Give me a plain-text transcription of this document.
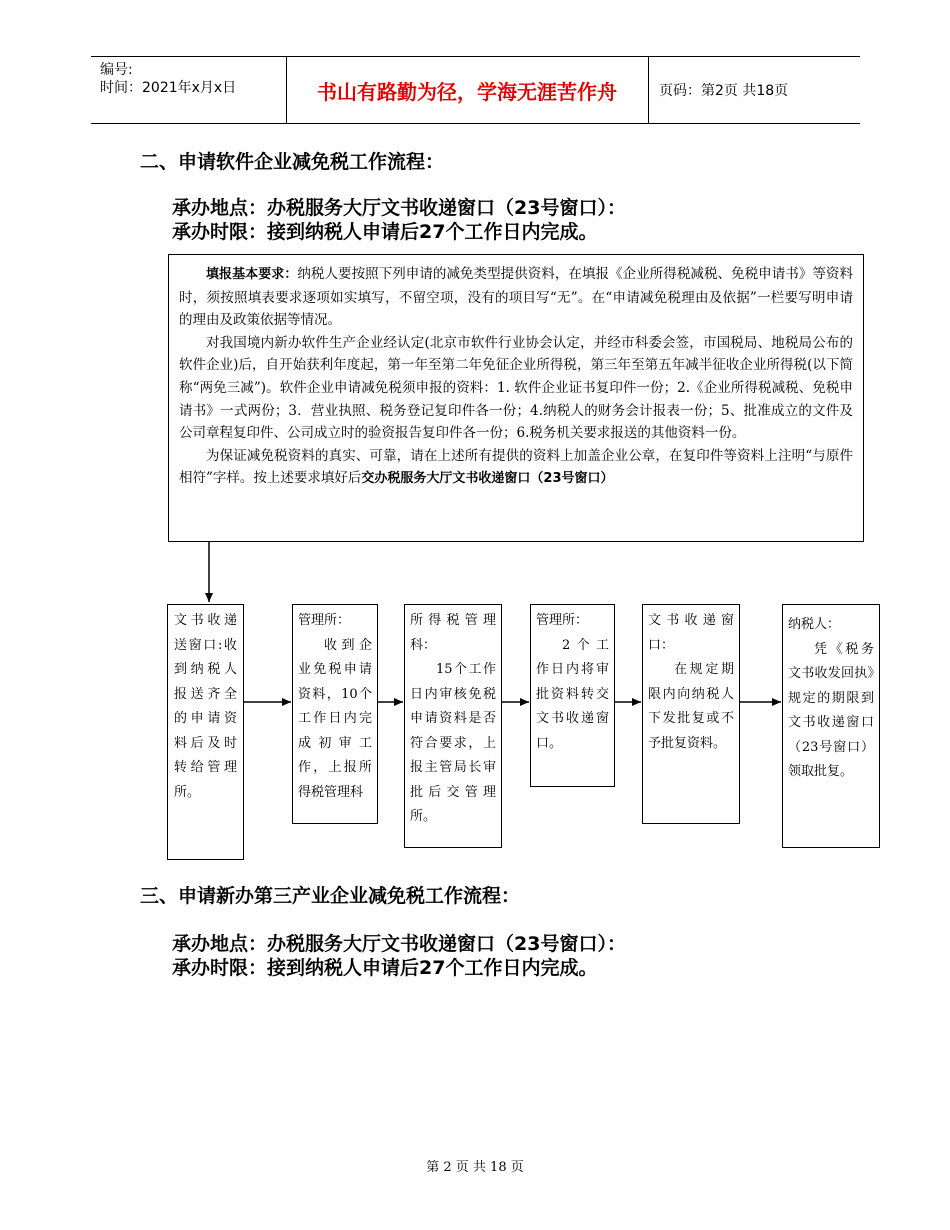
编号:
时间：2021年x月x日	书山有路勤为径，学海无涯苦作舟	页码：第2页 共18页
二、申请软件企业减免税工作流程：
承办地点：办税服务大厅文书收递窗口（23号窗口）：
承办时限：接到纳税人申请后27个工作日内完成。

填报基本要求：纳税人要按照下列申请的减免类型提供资料，在填报《企业所得税减税、免税申请书》等资料时，须按照填表要求逐项如实填写，不留空项，没有的项目写“无”。在“申请减免税理由及依据”一栏要写明申请的理由及政策依据等情况。

对我国境内新办软件生产企业经认定(北京市软件行业协会认定，并经市科委会签，市国税局、地税局公布的软件企业)后，自开始获利年度起，第一年至第二年免征企业所得税，第三年至第五年减半征收企业所得税(以下简称“两免三减”)。软件企业申请减免税须申报的资料：1. 软件企业证书复印件一份；2.《企业所得税减税、免税申请书》一式两份；3．营业执照、税务登记复印件各一份；4.纳税人的财务会计报表一份；5、批准成立的文件及公司章程复印件、公司成立时的验资报告复印件各一份；6.税务机关要求报送的其他资料一份。

为保证减免税资料的真实、可靠，请在上述所有提供的资料上加盖企业公章，在复印件等资料上注明“与原件相符”字样。按上述要求填好后交办税服务大厅文书收递窗口（23号窗口）

文书收递送窗口:收到纳税人报送齐全的申请资料后及时转给管理所。
管理所：
收到企业免税申请资料，10个工作日内完成初审工作，上报所得税管理科
所得税管理科：
15个工作日内审核免税申请资料是否符合要求，上报主管局长审批后交管理所。
管理所：
2个工作日内将审批资料转交文书收递窗口。
文书收递窗口：
在规定期限内向纳税人下发批复或不予批复资料。
纳税人：
凭《税务文书收发回执》规定的期限到文书收递窗口（23号窗口）领取批复。
三、申请新办第三产业企业减免税工作流程：
承办地点：办税服务大厅文书收递窗口（23号窗口）：
承办时限：接到纳税人申请后27个工作日内完成。
第 2 页 共 18 页
